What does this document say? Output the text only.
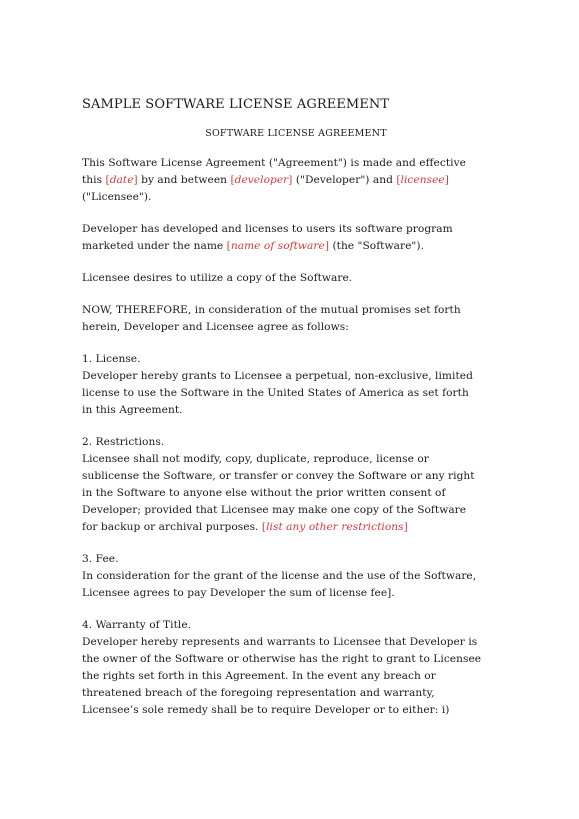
SAMPLE SOFTWARE LICENSE AGREEMENT
SOFTWARE LICENSE AGREEMENT
This Software License Agreement ("Agreement") is made and effective
this [date] by and between [developer] ("Developer") and [licensee]
("Licensee").
Developer has developed and licenses to users its software program
marketed under the name [name of software] (the "Software").
Licensee desires to utilize a copy of the Software.
NOW, THEREFORE, in consideration of the mutual promises set forth
herein, Developer and Licensee agree as follows:
1. License.
Developer hereby grants to Licensee a perpetual, non-exclusive, limited
license to use the Software in the United States of America as set forth
in this Agreement.
2. Restrictions.
Licensee shall not modify, copy, duplicate, reproduce, license or
sublicense the Software, or transfer or convey the Software or any right
in the Software to anyone else without the prior written consent of
Developer; provided that Licensee may make one copy of the Software
for backup or archival purposes. [list any other restrictions]
3. Fee.
In consideration for the grant of the license and the use of the Software,
Licensee agrees to pay Developer the sum of license fee].
4. Warranty of Title.
Developer hereby represents and warrants to Licensee that Developer is
the owner of the Software or otherwise has the right to grant to Licensee
the rights set forth in this Agreement. In the event any breach or
threatened breach of the foregoing representation and warranty,
Licensee’s sole remedy shall be to require Developer or to either: i)
